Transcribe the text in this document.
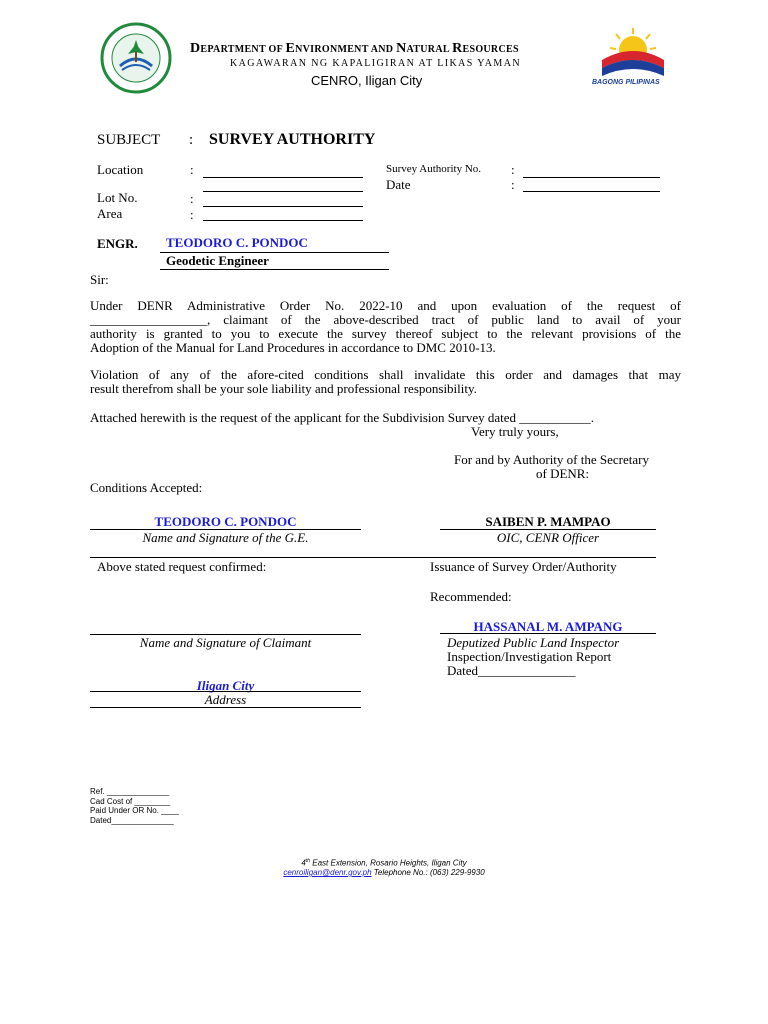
DEPARTMENT OF ENVIRONMENT AND NATURAL RESOURCES
KAGAWARAN NG KAPALIGIRAN AT LIKAS YAMAN
CENRO, Iligan City	BAGONG PILIPINAS
SUBJECT : SURVEY AUTHORITY
Location	:
Lot No.	:
Area	:
Survey Authority No. :
Date	:
ENGR. TEODORO C. PONDOC
Geodetic Engineer
Sir:
Under DENR Administrative Order No. 2022-10 and upon evaluation of the request of
__________________, claimant of the above-described tract of public land to avail of your
authority is granted to you to execute the survey thereof subject to the relevant provisions of the
Adoption of the Manual for Land Procedures in accordance to DMC 2010-13.
Violation of any of the afore-cited conditions shall invalidate this order and damages that may
result therefrom shall be your sole liability and professional responsibility.
Attached herewith is the request of the applicant for the Subdivision Survey dated ___________.
Very truly yours,
For and by Authority of the Secretary
of DENR:
Conditions Accepted:
TEODORO C. PONDOC
Name and Signature of the G.E.
SAIBEN P. MAMPAO
OIC, CENR Officer
Above stated request confirmed:	Issuance of Survey Order/Authority
Recommended:
Name and Signature of Claimant
HASSANAL M. AMPANG
Deputized Public Land Inspector
Inspection/Investigation Report
Dated_______________
Iligan City
Address
Ref. ______________
Cad Cost of ________
Paid Under OR No. ____
Dated______________
4th East Extension, Rosario Heights, Iligan City
cenroiligan@denr.gov.ph Telephone No.: (063) 229-9930
